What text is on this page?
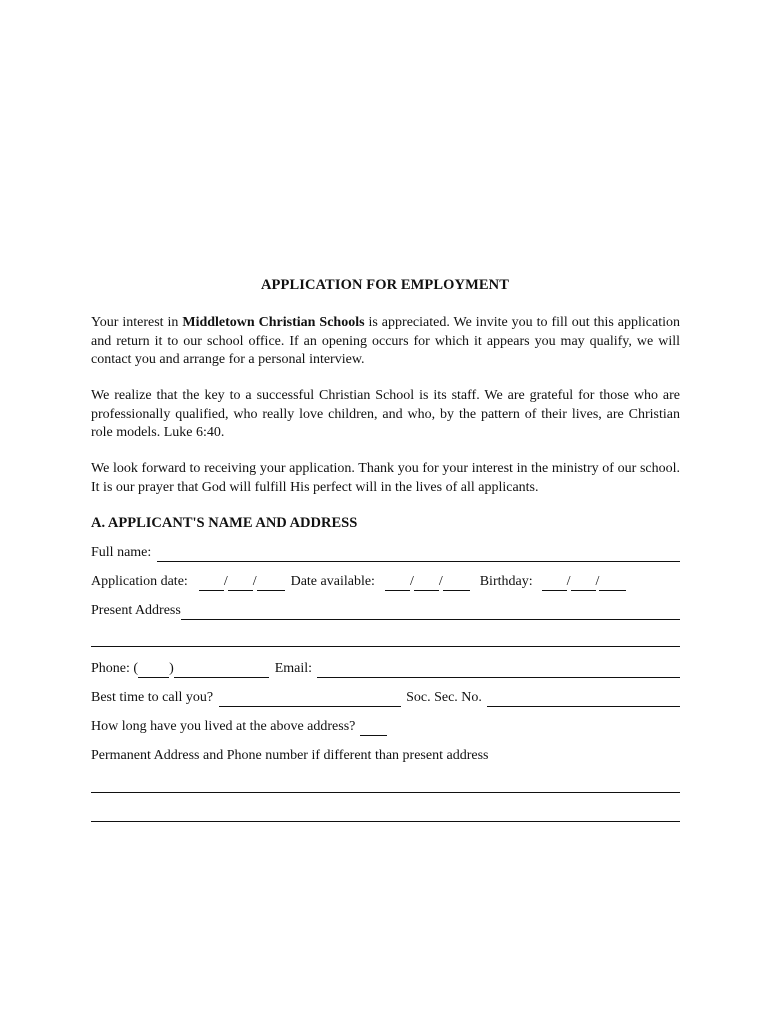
APPLICATION FOR EMPLOYMENT

Your interest in Middletown Christian Schools is appreciated. We invite you to fill out this application and return it to our school office. If an opening occurs for which it appears you may qualify, we will contact you and arrange for a personal interview.

We realize that the key to a successful Christian School is its staff. We are grateful for those who are professionally qualified, who really love children, and who, by the pattern of their lives, are Christian role models. Luke 6:40.

We look forward to receiving your application. Thank you for your interest in the ministry of our school. It is our prayer that God will fulfill His perfect will in the lives of all applicants.

A. APPLICANT'S NAME AND ADDRESS
Full name:
Application date:	/ / Date available:	/ /	Birthday: / /
Present Address
Phone: ( )	Email:
Best time to call you?	Soc. Sec. No.
How long have you lived at the above address?
Permanent Address and Phone number if different than present address
